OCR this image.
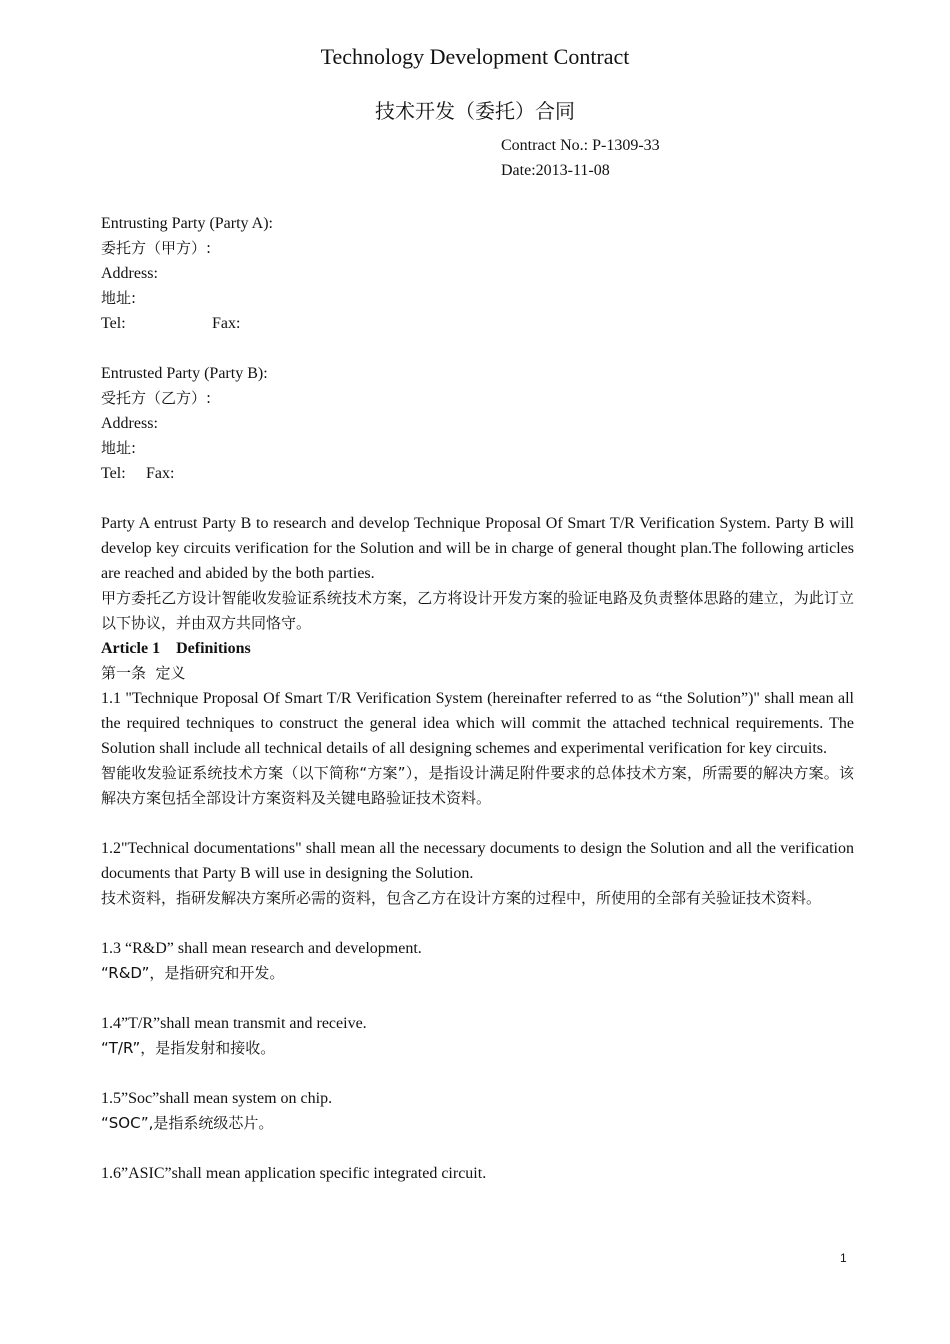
Technology Development Contract
技术开发（委托）合同
Contract No.: P-1309-33
Date:2013-11-08
Entrusting Party (Party A):
委托方（甲方）:
Address:
地址:
Tel:	Fax:
Entrusted Party (Party B):
受托方（乙方）:
Address:
地址:
Tel: Fax:
Party A entrust Party B to research and develop Technique Proposal Of Smart T/R Verification System. Party B will develop key circuits verification for the Solution and will be in charge of general thought plan.The following articles are reached and abided by the both parties.
甲方委托乙方设计智能收发验证系统技术方案，乙方将设计开发方案的验证电路及负责整体思路的建立，为此订立以下协议，并由双方共同恪守。
Article 1    Definitions
第一条  定义
1.1 "Technique Proposal Of Smart T/R Verification System (hereinafter referred to as “the Solution”)" shall mean all the required techniques to construct the general idea which will commit the attached technical requirements. The Solution shall include all technical details of all designing schemes and experimental verification for key circuits.
智能收发验证系统技术方案（以下简称“方案”），是指设计满足附件要求的总体技术方案，所需要的解决方案。该解决方案包括全部设计方案资料及关键电路验证技术资料。
1.2"Technical documentations" shall mean all the necessary documents to design the Solution and all the verification documents that Party B will use in designing the Solution.
技术资料，指研发解决方案所必需的资料，包含乙方在设计方案的过程中，所使用的全部有关验证技术资料。
1.3 “R&D” shall mean research and development.
“R&D”，是指研究和开发。
1.4”T/R”shall mean transmit and receive.
“T/R”，是指发射和接收。
1.5”Soc”shall mean system on chip.
“SOC”,是指系统级芯片。
1.6”ASIC”shall mean application specific integrated circuit.
1
